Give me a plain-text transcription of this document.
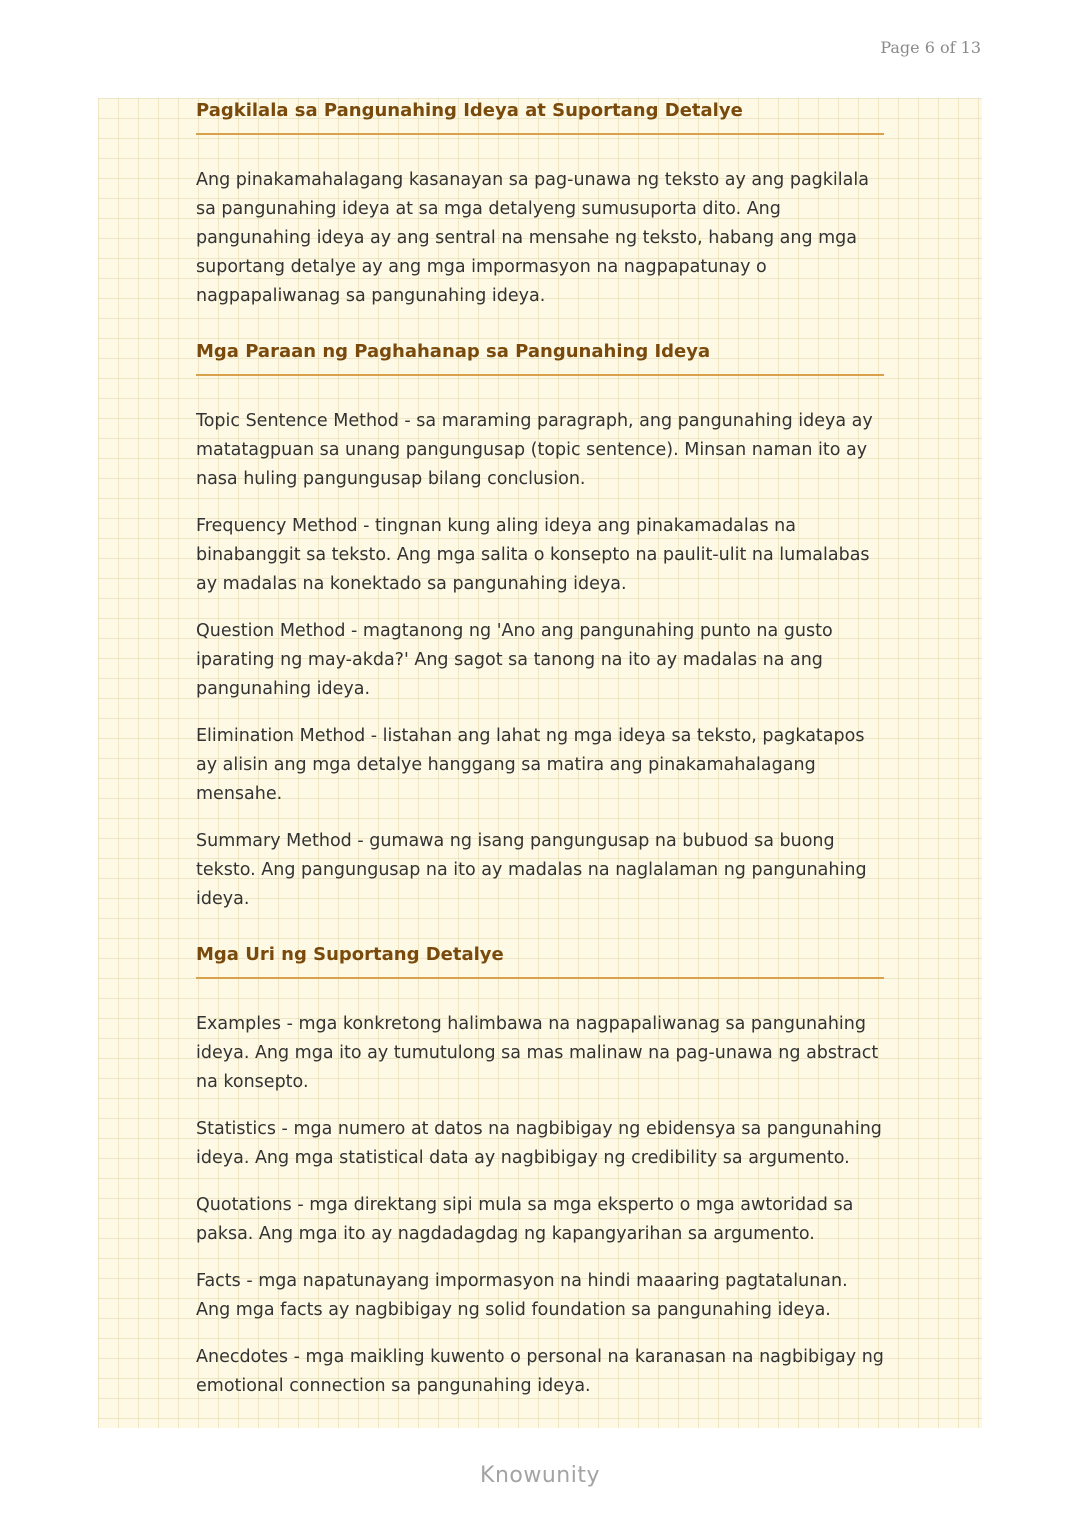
Page 6 of 13
Pagkilala sa Pangunahing Ideya at Suportang Detalye

Ang pinakamahalagang kasanayan sa pag-unawa ng teksto ay ang pagkilala sa pangunahing ideya at sa mga detalyeng sumusuporta dito. Ang pangunahing ideya ay ang sentral na mensahe ng teksto, habang ang mga suportang detalye ay ang mga impormasyon na nagpapatunay o nagpapaliwanag sa pangunahing ideya.

Mga Paraan ng Paghahanap sa Pangunahing Ideya

Topic Sentence Method - sa maraming paragraph, ang pangunahing ideya ay matatagpuan sa unang pangungusap (topic sentence). Minsan naman ito ay nasa huling pangungusap bilang conclusion.

Frequency Method - tingnan kung aling ideya ang pinakamadalas na binabanggit sa teksto. Ang mga salita o konsepto na paulit-ulit na lumalabas ay madalas na konektado sa pangunahing ideya.

Question Method - magtanong ng 'Ano ang pangunahing punto na gusto iparating ng may-akda?' Ang sagot sa tanong na ito ay madalas na ang pangunahing ideya.

Elimination Method - listahan ang lahat ng mga ideya sa teksto, pagkatapos ay alisin ang mga detalye hanggang sa matira ang pinakamahalagang mensahe.

Summary Method - gumawa ng isang pangungusap na bubuod sa buong teksto. Ang pangungusap na ito ay madalas na naglalaman ng pangunahing ideya.

Mga Uri ng Suportang Detalye

Examples - mga konkretong halimbawa na nagpapaliwanag sa pangunahing ideya. Ang mga ito ay tumutulong sa mas malinaw na pag-unawa ng abstract na konsepto.

Statistics - mga numero at datos na nagbibigay ng ebidensya sa pangunahing ideya. Ang mga statistical data ay nagbibigay ng credibility sa argumento.

Quotations - mga direktang sipi mula sa mga eksperto o mga awtoridad sa paksa. Ang mga ito ay nagdadagdag ng kapangyarihan sa argumento.

Facts - mga napatunayang impormasyon na hindi maaaring pagtatalunan. Ang mga facts ay nagbibigay ng solid foundation sa pangunahing ideya.

Anecdotes - mga maikling kuwento o personal na karanasan na nagbibigay ng emotional connection sa pangunahing ideya.

Knowunity
